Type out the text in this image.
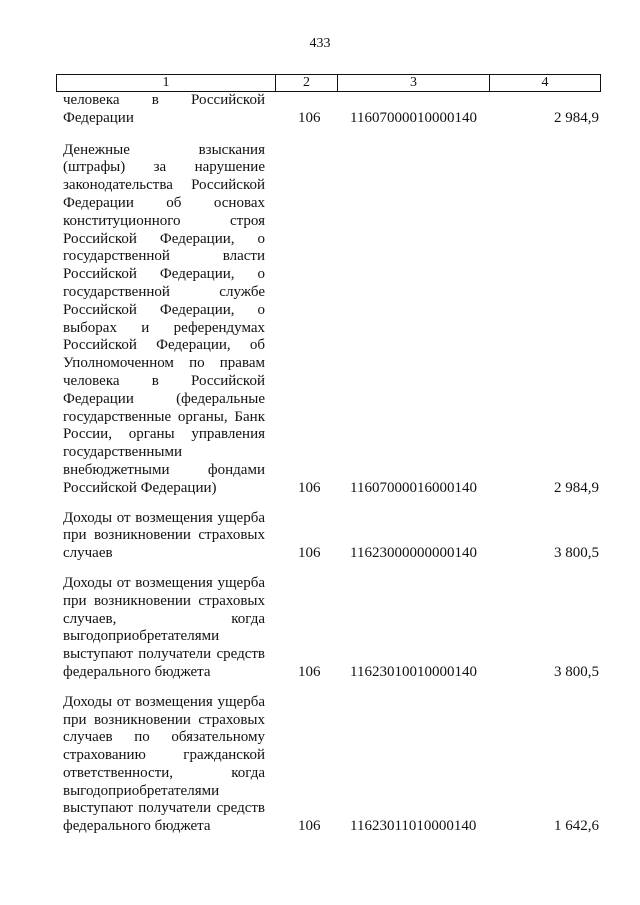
433
1	2	3	4
человека в Российской
Федерации	106 11607000010000140	2 984,9
Денежные взыскания
(штрафы) за нарушение
законодательства Российской
Федерации об основах
конституционного строя
Российской Федерации, о
государственной власти
Российской Федерации, о
государственной службе
Российской Федерации, о
выборах и референдумах
Российской Федерации, об
Уполномоченном по правам
человека в Российской
Федерации (федеральные
государственные органы, Банк
России, органы управления
государственными
внебюджетными фондами
Российской Федерации)	106 11607000016000140	2 984,9
Доходы от возмещения ущерба
при возникновении страховых
случаев	106 11623000000000140	3 800,5
Доходы от возмещения ущерба
при возникновении страховых
случаев, когда
выгодоприобретателями
выступают получатели средств
федерального бюджета	106 11623010010000140	3 800,5
Доходы от возмещения ущерба
при возникновении страховых
случаев по обязательному
страхованию гражданской
ответственности, когда
выгодоприобретателями
выступают получатели средств
федерального бюджета	106 11623011010000140	1 642,6
